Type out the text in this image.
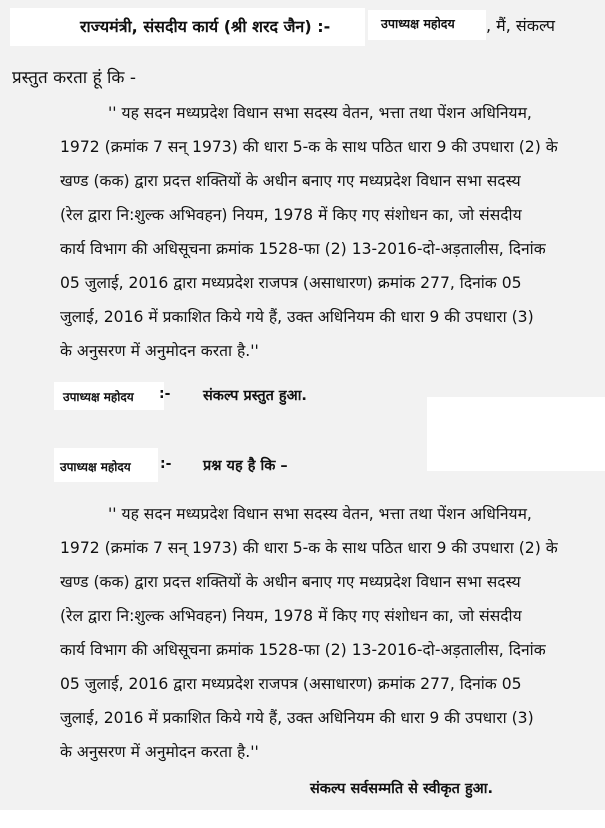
राज्यमंत्री, संसदीय कार्य (श्री शरद जैन) :-	उपाध्यक्ष महोदय , मैं, संकल्प
प्रस्तुत करता हूं कि -
'' यह सदन मध्यप्रदेश विधान सभा सदस्य वेतन, भत्ता तथा पेंशन अधिनियम,
1972 (क्रमांक 7 सन् 1973) की धारा 5-क के साथ पठित धारा 9 की उपधारा (2) के
खण्ड (कक) द्वारा प्रदत्त शक्तियों के अधीन बनाए गए मध्यप्रदेश विधान सभा सदस्य
(रेल द्वारा नि:शुल्क अभिवहन) नियम, 1978 में किए गए संशोधन का, जो संसदीय
कार्य विभाग की अधिसूचना क्रमांक 1528-फा (2) 13-2016-दो-अड़तालीस, दिनांक
05 जुलाई, 2016 द्वारा मध्यप्रदेश राजपत्र (असाधारण) क्रमांक 277, दिनांक 05
जुलाई, 2016 में प्रकाशित किये गये हैं, उक्त अधिनियम की धारा 9 की उपधारा (3)
के अनुसरण में अनुमोदन करता है.''
उपाध्यक्ष महोदय :- संकल्प प्रस्तुत हुआ.
उपाध्यक्ष महोदय :- प्रश्न यह है कि –
'' यह सदन मध्यप्रदेश विधान सभा सदस्य वेतन, भत्ता तथा पेंशन अधिनियम,
1972 (क्रमांक 7 सन् 1973) की धारा 5-क के साथ पठित धारा 9 की उपधारा (2) के
खण्ड (कक) द्वारा प्रदत्त शक्तियों के अधीन बनाए गए मध्यप्रदेश विधान सभा सदस्य
(रेल द्वारा नि:शुल्क अभिवहन) नियम, 1978 में किए गए संशोधन का, जो संसदीय
कार्य विभाग की अधिसूचना क्रमांक 1528-फा (2) 13-2016-दो-अड़तालीस, दिनांक
05 जुलाई, 2016 द्वारा मध्यप्रदेश राजपत्र (असाधारण) क्रमांक 277, दिनांक 05
जुलाई, 2016 में प्रकाशित किये गये हैं, उक्त अधिनियम की धारा 9 की उपधारा (3)
के अनुसरण में अनुमोदन करता है.''
संकल्प सर्वसम्मति से स्वीकृत हुआ.
